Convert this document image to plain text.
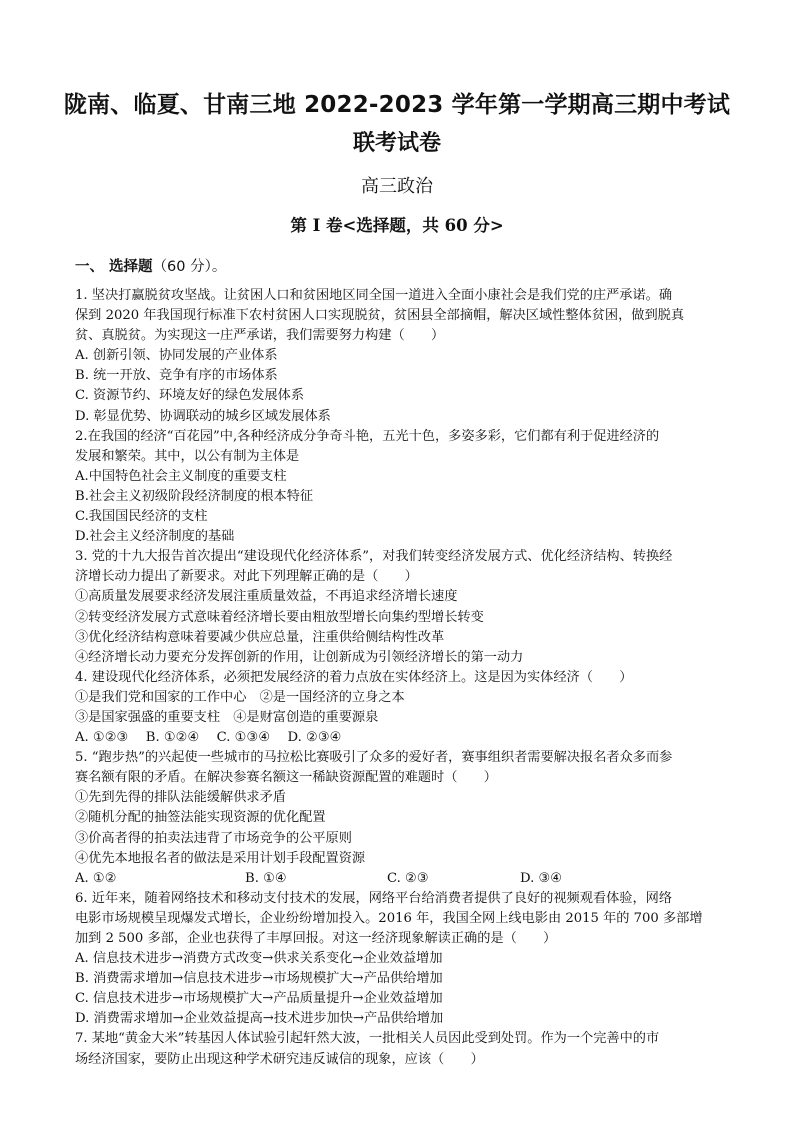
陇南、临夏、甘南三地 2022-2023 学年第一学期高三期中考试
联考试卷
高三政治
第 I 卷<选择题，共 60 分>
一、 选择题（60 分）。
1. 坚决打赢脱贫攻坚战。让贫困人口和贫困地区同全国一道进入全面小康社会是我们党的庄严承诺。确
保到 2020 年我国现行标准下农村贫困人口实现脱贫，贫困县全部摘帽，解决区域性整体贫困，做到脱真
贫、真脱贫。为实现这一庄严承诺，我们需要努力构建（　　）
A. 创新引领、协同发展的产业体系
B. 统一开放、竞争有序的市场体系
C. 资源节约、环境友好的绿色发展体系
D. 彰显优势、协调联动的城乡区域发展体系
2.在我国的经济“百花园”中,各种经济成分争奇斗艳，五光十色，多姿多彩，它们都有利于促进经济的
发展和繁荣。其中，以公有制为主体是
A.中国特色社会主义制度的重要支柱
B.社会主义初级阶段经济制度的根本特征
C.我国国民经济的支柱
D.社会主义经济制度的基础
3. 党的十九大报告首次提出“建设现代化经济体系”，对我们转变经济发展方式、优化经济结构、转换经
济增长动力提出了新要求。对此下列理解正确的是（　　）
①高质量发展要求经济发展注重质量效益，不再追求经济增长速度
②转变经济发展方式意味着经济增长要由粗放型增长向集约型增长转变
③优化经济结构意味着要减少供应总量，注重供给侧结构性改革
④经济增长动力要充分发挥创新的作用，让创新成为引领经济增长的第一动力
4. 建设现代化经济体系，必须把发展经济的着力点放在实体经济上。这是因为实体经济（　　）
①是我们党和国家的工作中心　②是一国经济的立身之本
③是国家强盛的重要支柱　④是财富创造的重要源泉
A. ①②③　 B. ①②④　 C. ①③④　 D. ②③④
5. “跑步热”的兴起使一些城市的马拉松比赛吸引了众多的爱好者，赛事组织者需要解决报名者众多而参
赛名额有限的矛盾。在解决参赛名额这一稀缺资源配置的难题时（　　）
①先到先得的排队法能缓解供求矛盾
②随机分配的抽签法能实现资源的优化配置
③价高者得的拍卖法违背了市场竞争的公平原则
④优先本地报名者的做法是采用计划手段配置资源
A. ①②	B. ①④	C. ②③	D. ③④
6. 近年来，随着网络技术和移动支付技术的发展，网络平台给消费者提供了良好的视频观看体验，网络
电影市场规模呈现爆发式增长，企业纷纷增加投入。2016 年，我国全网上线电影由 2015 年的 700 多部增
加到 2 500 多部，企业也获得了丰厚回报。对这一经济现象解读正确的是（　　）
A. 信息技术进步→消费方式改变→供求关系变化→企业效益增加
B. 消费需求增加→信息技术进步→市场规模扩大→产品供给增加
C. 信息技术进步→市场规模扩大→产品质量提升→企业效益增加
D. 消费需求增加→企业效益提高→技术进步加快→产品供给增加
7. 某地“黄金大米”转基因人体试验引起轩然大波，一批相关人员因此受到处罚。作为一个完善中的市
场经济国家，要防止出现这种学术研究违反诚信的现象，应该（　　）
